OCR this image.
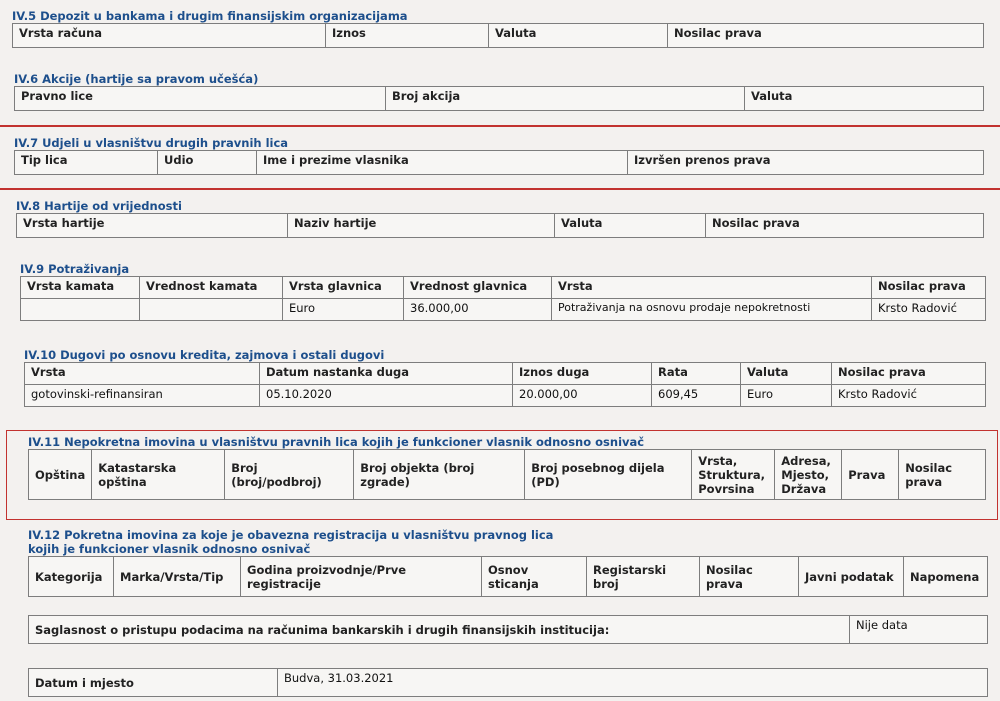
IV.5 Depozit u bankama i drugim finansijskim organizacijama
Vrsta računa	Iznos	Valuta	Nosilac prava
IV.6 Akcije (hartije sa pravom učešća)
Pravno lice	Broj akcija	Valuta
IV.7 Udjeli u vlasništvu drugih pravnih lica
Tip lica	Udio	Ime i prezime vlasnika	Izvršen prenos prava
IV.8 Hartije od vrijednosti
Vrsta hartije	Naziv hartije	Valuta	Nosilac prava
IV.9 Potraživanja
Vrsta kamata	Vrednost kamata	Vrsta glavnica	Vrednost glavnica	Vrsta	Nosilac prava
		Euro	36.000,00	Potraživanja na osnovu prodaje nepokretnosti	Krsto Radović
IV.10 Dugovi po osnovu kredita, zajmova i ostali dugovi
Vrsta	Datum nastanka duga	Iznos duga	Rata	Valuta	Nosilac prava
gotovinski-refinansiran	05.10.2020	20.000,00	609,45	Euro	Krsto Radović
IV.11 Nepokretna imovina u vlasništvu pravnih lica kojih je funkcioner vlasnik odnosno osnivač
Opština	Katastarska opština	Broj (broj/podbroj)	Broj objekta (broj zgrade)	Broj posebnog dijela (PD)	Vrsta, Struktura, Povrsina	Adresa, Mjesto, Država	Prava	Nosilac prava
IV.12 Pokretna imovina za koje je obavezna registracija u vlasništvu pravnog lica
kojih je funkcioner vlasnik odnosno osnivač
Kategorija	Marka/Vrsta/Tip	Godina proizvodnje/Prve registracije	Osnov sticanja	Registarski broj	Nosilac prava	Javni podatak	Napomena
Saglasnost o pristupu podacima na računima bankarskih i drugih finansijskih institucija:	Nije data
Datum i mjesto	Budva, 31.03.2021
